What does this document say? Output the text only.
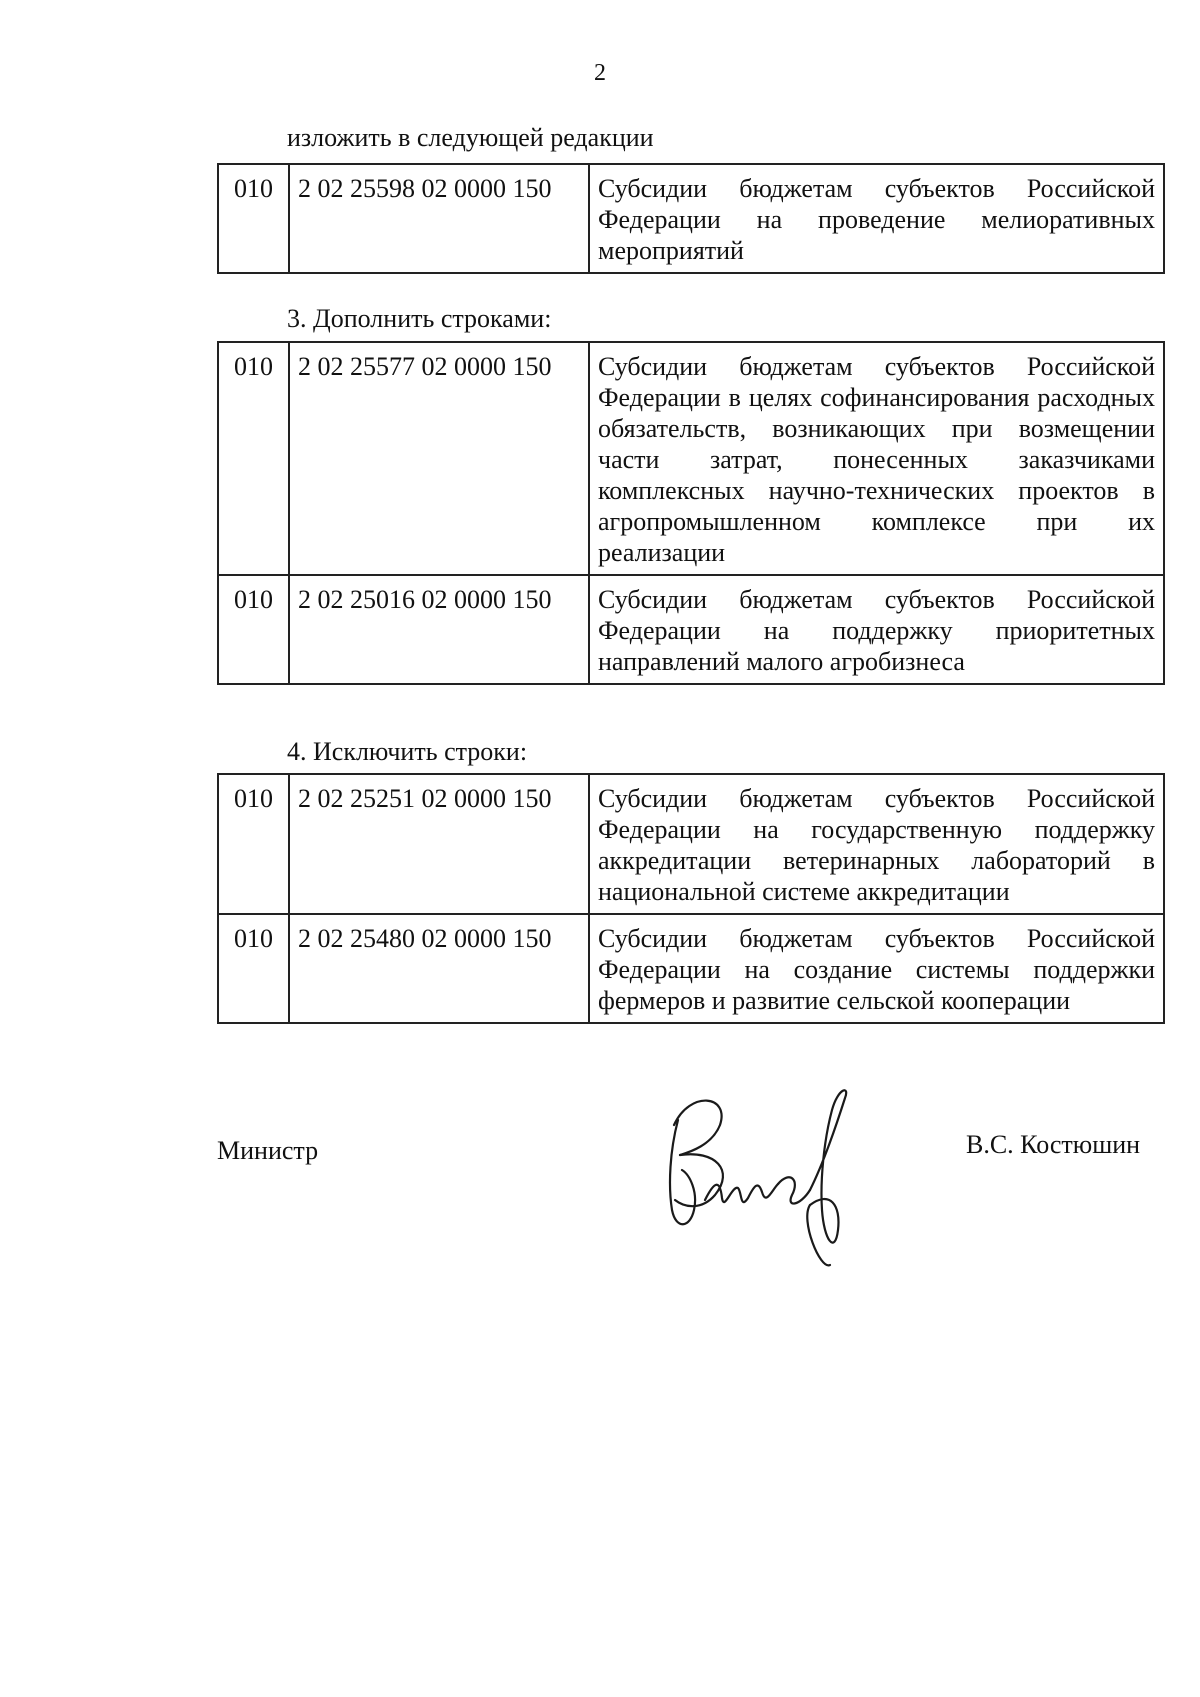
2
изложить в следующей редакции
010	2 02 25598 02 0000 150	Субсидии бюджетам субъектов Российской Федерации на проведение мелиоративных мероприятий
3. Дополнить строками:
010	2 02 25577 02 0000 150	Субсидии бюджетам субъектов Российской Федерации в целях софинансирования расходных обязательств, возникающих при возмещении части затрат, понесенных заказчиками комплексных научно-технических проектов в агропромышленном комплексе при их реализации
010	2 02 25016 02 0000 150	Субсидии бюджетам субъектов Российской Федерации на поддержку приоритетных направлений малого агробизнеса
4. Исключить строки:
010	2 02 25251 02 0000 150	Субсидии бюджетам субъектов Российской Федерации на государственную поддержку аккредитации ветеринарных лабораторий в национальной системе аккредитации
010	2 02 25480 02 0000 150	Субсидии бюджетам субъектов Российской Федерации на создание системы поддержки фермеров и развитие сельской кооперации
Министр	В.С. Костюшин
